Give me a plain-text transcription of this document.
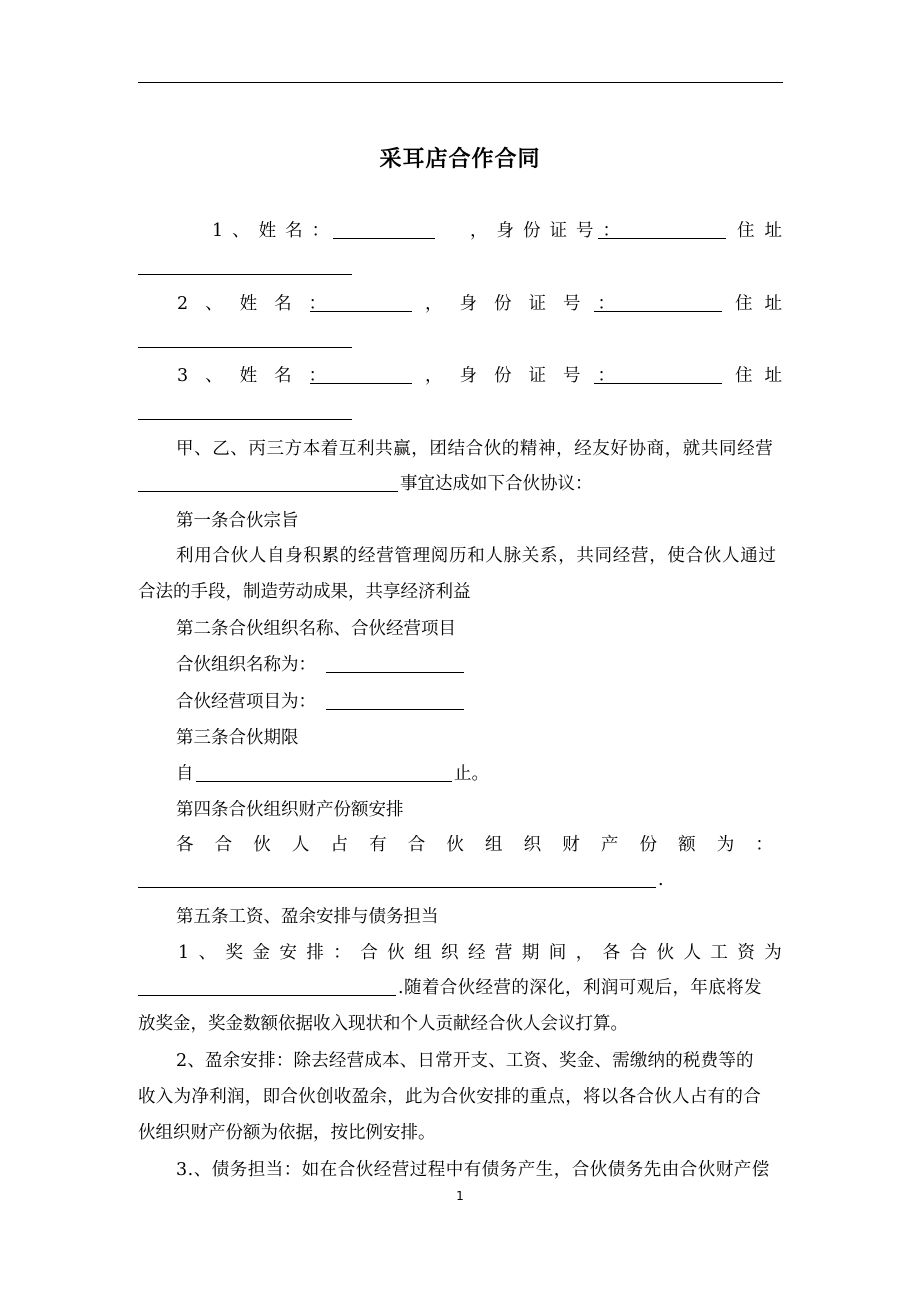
采耳店合作合同
1、姓名：	，身份证号：	住址
2、姓名：	，身份证号：	住址
3、姓名：	，身份证号：	住址
甲、乙、丙三方本着互利共赢，团结合伙的精神，经友好协商，就共同经营
事宜达成如下合伙协议：
第一条合伙宗旨
利用合伙人自身积累的经营管理阅历和人脉关系，共同经营，使合伙人通过
合法的手段，制造劳动成果，共享经济利益
第二条合伙组织名称、合伙经营项目
合伙组织名称为：
合伙经营项目为：
第三条合伙期限
自	止。
第四条合伙组织财产份额安排
各 合 伙 人 占 有 合 伙 组 织 财 产 份 额 为 ：
.
第五条工资、盈余安排与债务担当
1 、 奖 金 安 排 ： 合 伙 组 织 经 营 期 间 ， 各 合 伙 人 工 资 为
.随着合伙经营的深化，利润可观后，年底将发
放奖金，奖金数额依据收入现状和个人贡献经合伙人会议打算。
2、盈余安排：除去经营成本、日常开支、工资、奖金、需缴纳的税费等的
收入为净利润，即合伙创收盈余，此为合伙安排的重点，将以各合伙人占有的合
伙组织财产份额为依据，按比例安排。
3.、债务担当：如在合伙经营过程中有债务产生，合伙债务先由合伙财产偿
1
